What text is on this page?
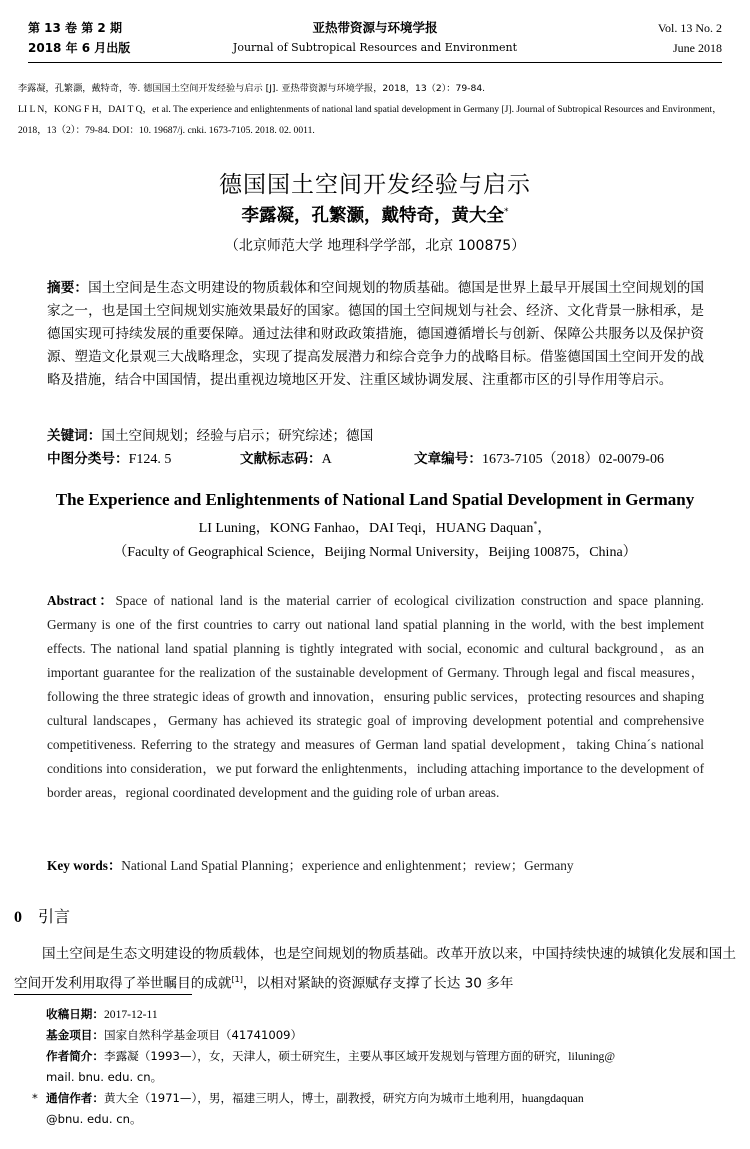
第 13 卷 第 2 期
2018 年 6 月出版
亚热带资源与环境学报
Journal of Subtropical Resources and Environment
Vol. 13 No. 2
June 2018
李露凝，孔繁灏，戴特奇，等. 德国国土空间开发经验与启示 [J]. 亚热带资源与环境学报，2018，13（2）：79-84.
LI L N，KONG F H，DAI T Q，et al. The experience and enlightenments of national land spatial development in Germany [J]. Journal of Subtropical Resources and Environment，2018，13（2）：79-84. DOI：10. 19687/j. cnki. 1673-7105. 2018. 02. 0011.
德国国土空间开发经验与启示
李露凝，孔繁灏，戴特奇，黄大全*
（北京师范大学 地理科学学部，北京 100875）
摘要：国土空间是生态文明建设的物质载体和空间规划的物质基础。德国是世界上最早开展国土空间规划的国家之一，也是国土空间规划实施效果最好的国家。德国的国土空间规划与社会、经济、文化背景一脉相承，是德国实现可持续发展的重要保障。通过法律和财政政策措施，德国遵循增长与创新、保障公共服务以及保护资源、塑造文化景观三大战略理念，实现了提高发展潜力和综合竞争力的战略目标。借鉴德国国土空间开发的战略及措施，结合中国国情，提出重视边境地区开发、注重区域协调发展、注重都市区的引导作用等启示。
关键词：国土空间规划；经验与启示；研究综述；德国
中图分类号：F124. 5	文献标志码：A	文章编号：1673-7105（2018）02-0079-06
The Experience and Enlightenments of National Land Spatial Development in Germany
LI Luning，KONG Fanhao，DAI Teqi，HUANG Daquan*，
（Faculty of Geographical Science，Beijing Normal University，Beijing 100875，China）
Abstract：Space of national land is the material carrier of ecological civilization construction and space planning. Germany is one of the first countries to carry out national land spatial planning in the world, with the best implement effects. The national land spatial planning is tightly integrated with social, economic and cultural background，as an important guarantee for the realization of the sustainable development of Germany. Through legal and fiscal measures，following the three strategic ideas of growth and innovation，ensuring public services，protecting resources and shaping cultural landscapes，Germany has achieved its strategic goal of improving development potential and comprehensive competitiveness. Referring to the strategy and measures of German land spatial development，taking China´s national conditions into consideration，we put forward the enlightenments，including attaching importance to the development of border areas，regional coordinated development and the guiding role of urban areas.
Key words：National Land Spatial Planning；experience and enlightenment；review；Germany
0 引言
国土空间是生态文明建设的物质载体，也是空间规划的物质基础。改革开放以来，中国持续快速的城镇化发展和国土空间开发利用取得了举世瞩目的成就[1]，以相对紧缺的资源赋存支撑了长达 30 多年
收稿日期：2017-12-11
基金项目：国家自然科学基金项目（41741009）
作者简介：李露凝（1993—），女，天津人，硕士研究生，主要从事区域开发规划与管理方面的研究，liluning@
mail. bnu. edu. cn。
* 通信作者：黄大全（1971—），男，福建三明人，博士，副教授，研究方向为城市土地利用，huangdaquan
@bnu. edu. cn。
